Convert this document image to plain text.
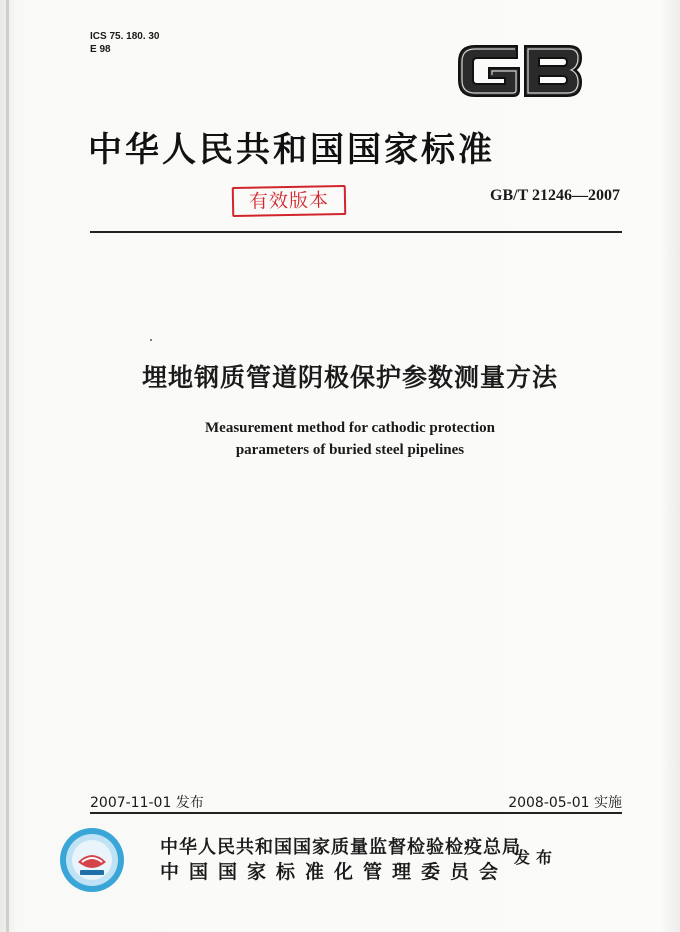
ICS 75. 180. 30
E 98
中华人民共和国国家标准
有效版本	GB/T 21246—2007
埋地钢质管道阴极保护参数测量方法
Measurement method for cathodic protection
parameters of buried steel pipelines
2007-11-01 发布	2008-05-01 实施
中华人民共和国国家质量监督检验检疫总局
中国国家标准化管理委员会
发布
